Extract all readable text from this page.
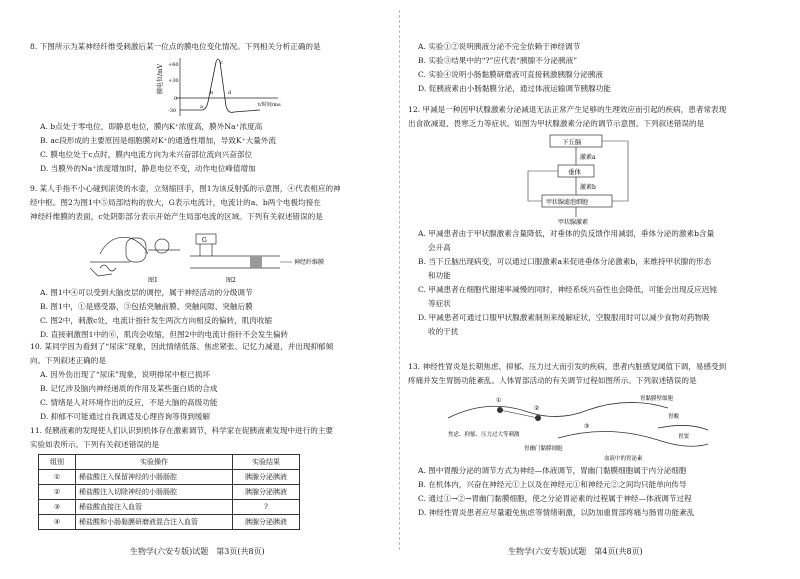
8. 下图所示为某神经纤维受刺激后某一位点的膜电位变化情况。下列相关分析正确的是

膜电位/mV
t/时间/ms
+60
+30
0
-30
a
b
c
d

A. b点处于零电位，即静息电位，膜内K⁺浓度高，膜外Na⁺浓度高

B. ac段形成的主要原因是细胞膜对K⁺的通透性增加，导致K⁺大量外流

C. 膜电位处于c点时，膜内电流方向为未兴奋部位流向兴奋部位

D. 当膜外的Na⁺浓度增加时，静息电位不变，动作电位峰值增加

9. 某人手指不小心碰到滚烫的水壶，立刻缩回手，图1为该反射弧的示意图，④代表相应的神

经中枢。图2为图1中⑤局部结构的放大，G表示电流计，电流计的a、b两个电极均接在

神经纤维膜的表面，c处阴影部分表示开始产生局部电流的区域。下列有关叙述错误的是

图1
G
神经纤维膜
图2

A. 图1中④可以受到大脑皮层的调控，属于神经活动的分级调节

B. 图1中，①是感受器，③包括突触前膜、突触间隙、突触后膜

C. 图2中，刺激c处，电流计指针发生两次方向相反的偏转，肌肉收缩

D. 直接刺激图1中的⑥，肌肉会收缩，但图2中的电流计指针不会发生偏转

10. 某同学因为看到了“尿床”现象，因此情绪低落、焦虑紧张、记忆力减退，并出现抑郁倾

向。下列叙述正确的是

A. 因外伤出现了“尿床”现象，说明排尿中枢已损坏

B. 记忆涉及脑内神经递质的作用及某些蛋白质的合成

C. 情绪是人对环境作出的反应，不是大脑的高级功能

D. 抑郁不可能通过自我调适及心理咨询等得到缓解

11. 促胰液素的发现使人们认识到机体存在激素调节，科学家在促胰液素发现中进行的主要

实验如表所示。下列有关叙述错误的是

组别	实验操作	实验结果
①	稀盐酸注入保留神经的小肠肠腔	胰腺分泌胰液
②	稀盐酸注入切除神经的小肠肠腔	胰腺分泌胰液
③	稀盐酸直接注入血管	?
④	稀盐酸和小肠黏膜研磨液混合注入血管	胰腺分泌胰液
生物学(六安专版)试题　第3页(共8页)

A. 实验①②说明胰液分泌不完全依赖于神经调节

B. 实验③结果中的“?”应代表“胰腺不分泌胰液”

C. 实验④说明小肠黏膜研磨液可直接刺激胰腺分泌胰液

D. 促胰液素由小肠黏膜分泌，通过体液运输调节胰腺功能

12. 甲减是一种因甲状腺激素分泌减退无法正常产生足够的生理效应而引起的疾病，患者常表现

出食欲减退、畏寒乏力等症状。如图为甲状腺激素分泌的调节示意图。下列叙述错误的是

下丘脑
激素a
垂体
激素b
甲状腺滤泡细胞
甲状腺激素

A. 甲减患者由于甲状腺激素含量降低，对垂体的负反馈作用减弱，垂体分泌的激素b含量

会升高

B. 当下丘脑出现病变，可以通过口服激素a来促进垂体分泌激素b，来维持甲状腺的形态

和功能

C. 甲减患者在细胞代谢速率减慢的同时，神经系统兴奋性也会降低，可能会出现反应迟钝

等症状

D. 甲减患者可通过口服甲状腺激素制剂来缓解症状，空腹服用时可以减少食物对药物吸

收的干扰

13. 神经性胃炎是长期焦虑、抑郁、压力过大而引发的疾病，患者内脏感觉阈值下调，易感受到

疼痛并发生胃肠功能紊乱。人体胃部活动的有关调节过程如图所示。下列叙述错误的是

①
②
③
胃黏膜壁细胞
胃酸
焦虑、抑郁、压力过大等刺激
胃幽门黏膜细胞
胃窦
血液中的胃泌素

A. 图中胃酸分泌的调节方式为神经—体液调节，胃幽门黏膜细胞属于内分泌细胞

B. 在机体内，兴奋在神经元①上以及在神经元①和神经元②之间均只能单向传导

C. 通过①→②→胃幽门黏膜细胞，使之分泌胃泌素的过程属于神经—体液调节过程

D. 神经性胃炎患者应尽量避免焦虑等情绪刺激，以防加重胃部疼痛与肠胃功能紊乱

生物学(六安专版)试题　第4页(共8页)
